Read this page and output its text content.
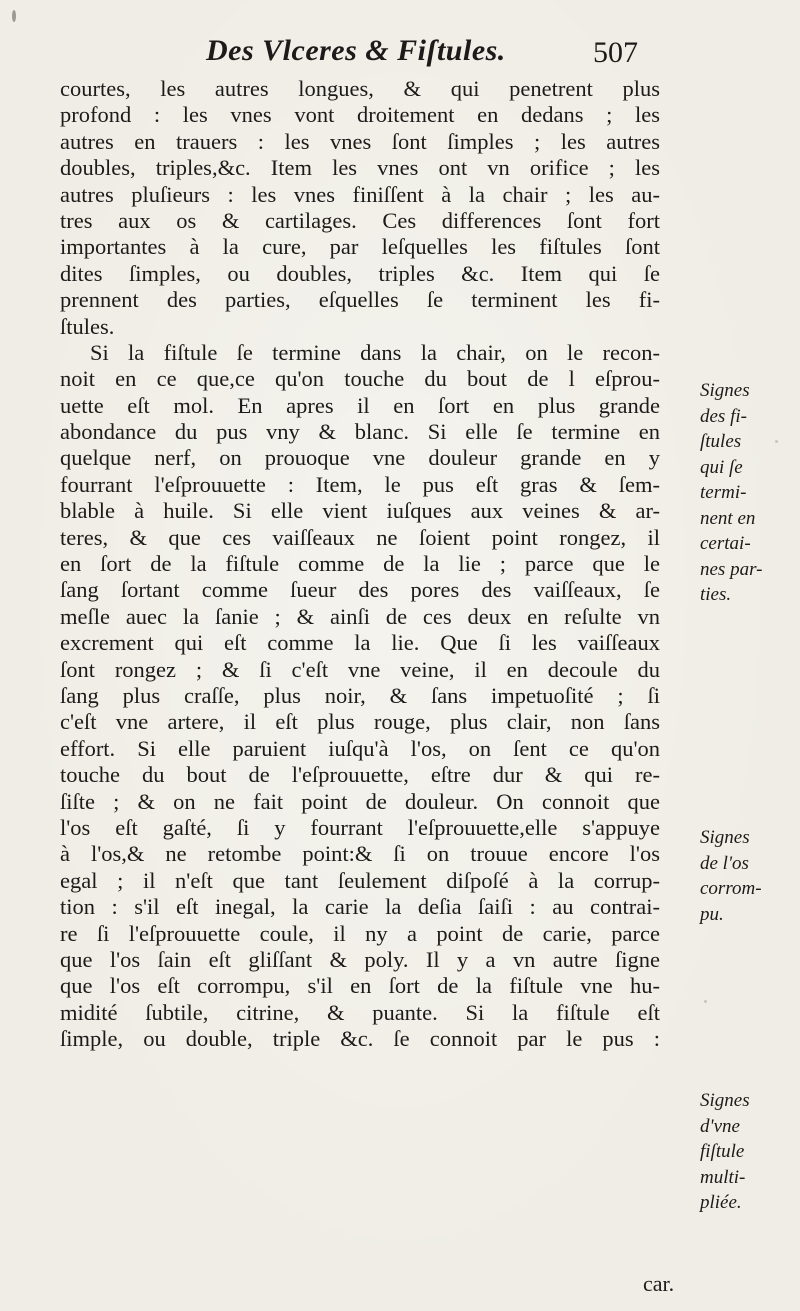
Des Vlceres & Fiſtules.	507
courtes, les autres longues, & qui penetrent plus
profond : les vnes vont droitement en dedans ; les
autres en trauers : les vnes ſont ſimples ; les autres
doubles, triples,&c. Item les vnes ont vn orifice ; les
autres pluſieurs : les vnes finiſſent à la chair ; les au-
tres aux os & cartilages. Ces differences ſont fort
importantes à la cure, par leſquelles les fiſtules ſont
dites ſimples, ou doubles, triples &c. Item qui ſe
prennent des parties, eſquelles ſe terminent les fi-
ſtules.
Si la fiſtule ſe termine dans la chair, on le recon-
noit en ce que,ce qu'on touche du bout de l eſprou-
uette eſt mol. En apres il en ſort en plus grande
abondance du pus vny & blanc. Si elle ſe termine en
quelque nerf, on prouoque vne douleur grande en y
fourrant l'eſprouuette : Item, le pus eſt gras & ſem-
blable à huile. Si elle vient iuſques aux veines & ar-
teres, & que ces vaiſſeaux ne ſoient point rongez, il
en ſort de la fiſtule comme de la lie ; parce que le
ſang ſortant comme ſueur des pores des vaiſſeaux, ſe
meſle auec la ſanie ; & ainſi de ces deux en reſulte vn
excrement qui eſt comme la lie. Que ſi les vaiſſeaux
ſont rongez ; & ſi c'eſt vne veine, il en decoule du
ſang plus craſſe, plus noir, & ſans impetuoſité ; ſi
c'eſt vne artere, il eſt plus rouge, plus clair, non ſans
effort. Si elle paruient iuſqu'à l'os, on ſent ce qu'on
touche du bout de l'eſprouuette, eſtre dur & qui re-
ſiſte ; & on ne fait point de douleur. On connoit que
l'os eſt gaſté, ſi y fourrant l'eſprouuette,elle s'appuye
à l'os,& ne retombe point:& ſi on trouue encore l'os
egal ; il n'eſt que tant ſeulement diſpoſé à la corrup-
tion : s'il eſt inegal, la carie la deſia ſaiſi : au contrai-
re ſi l'eſprouuette coule, il ny a point de carie, parce
que l'os ſain eſt gliſſant & poly. Il y a vn autre ſigne
que l'os eſt corrompu, s'il en ſort de la fiſtule vne hu-
midité ſubtile, citrine, & puante. Si la fiſtule eſt
ſimple, ou double, triple &c. ſe connoit par le pus :
Signes
des fi-
ſtules
qui ſe
termi-
nent en
certai-
nes par-
ties.
Signes
de l'os
corrom-
pu.
Signes
d'vne
fiſtule
multi-
pliée.
car.
